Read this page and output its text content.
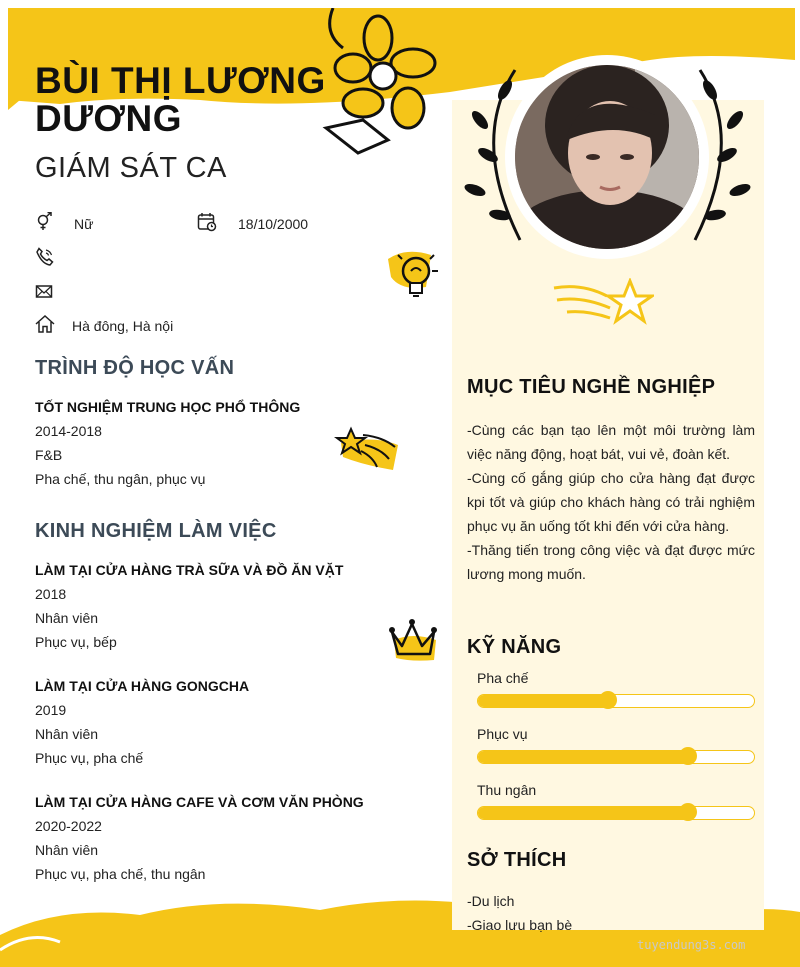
BÙI THỊ LƯƠNG DƯƠNG
GIÁM SÁT CA
Nữ	18/10/2000
Hà đông, Hà nội
TRÌNH ĐỘ HỌC VẤN
TỐT NGHIỆM TRUNG HỌC PHỔ THÔNG
2014-2018
F&B
Pha chế, thu ngân, phục vụ
KINH NGHIỆM LÀM VIỆC
LÀM TẠI CỬA HÀNG TRÀ SỮA VÀ ĐỒ ĂN VẶT
2018
Nhân viên
Phục vụ, bếp
LÀM TẠI CỬA HÀNG GONGCHA
2019
Nhân viên
Phục vụ, pha chế
LÀM TẠI CỬA HÀNG CAFE VÀ CƠM VĂN PHÒNG
2020-2022
Nhân viên
Phục vụ, pha chế, thu ngân
MỤC TIÊU NGHỀ NGHIỆP

-Cùng các bạn tạo lên một môi trường làm việc năng động, hoạt bát, vui vẻ, đoàn kết.

-Cùng cố gắng giúp cho cửa hàng đạt được kpi tốt và giúp cho khách hàng có trải nghiệm phục vụ ăn uống tốt khi đến với cửa hàng.

-Thăng tiến trong công việc và đạt được mức lương mong muốn.

KỸ NĂNG
Pha chế
Phục vụ
Thu ngân
SỞ THÍCH
-Du lịch
-Giao lưu bạn bè
tuyendung3s.com
